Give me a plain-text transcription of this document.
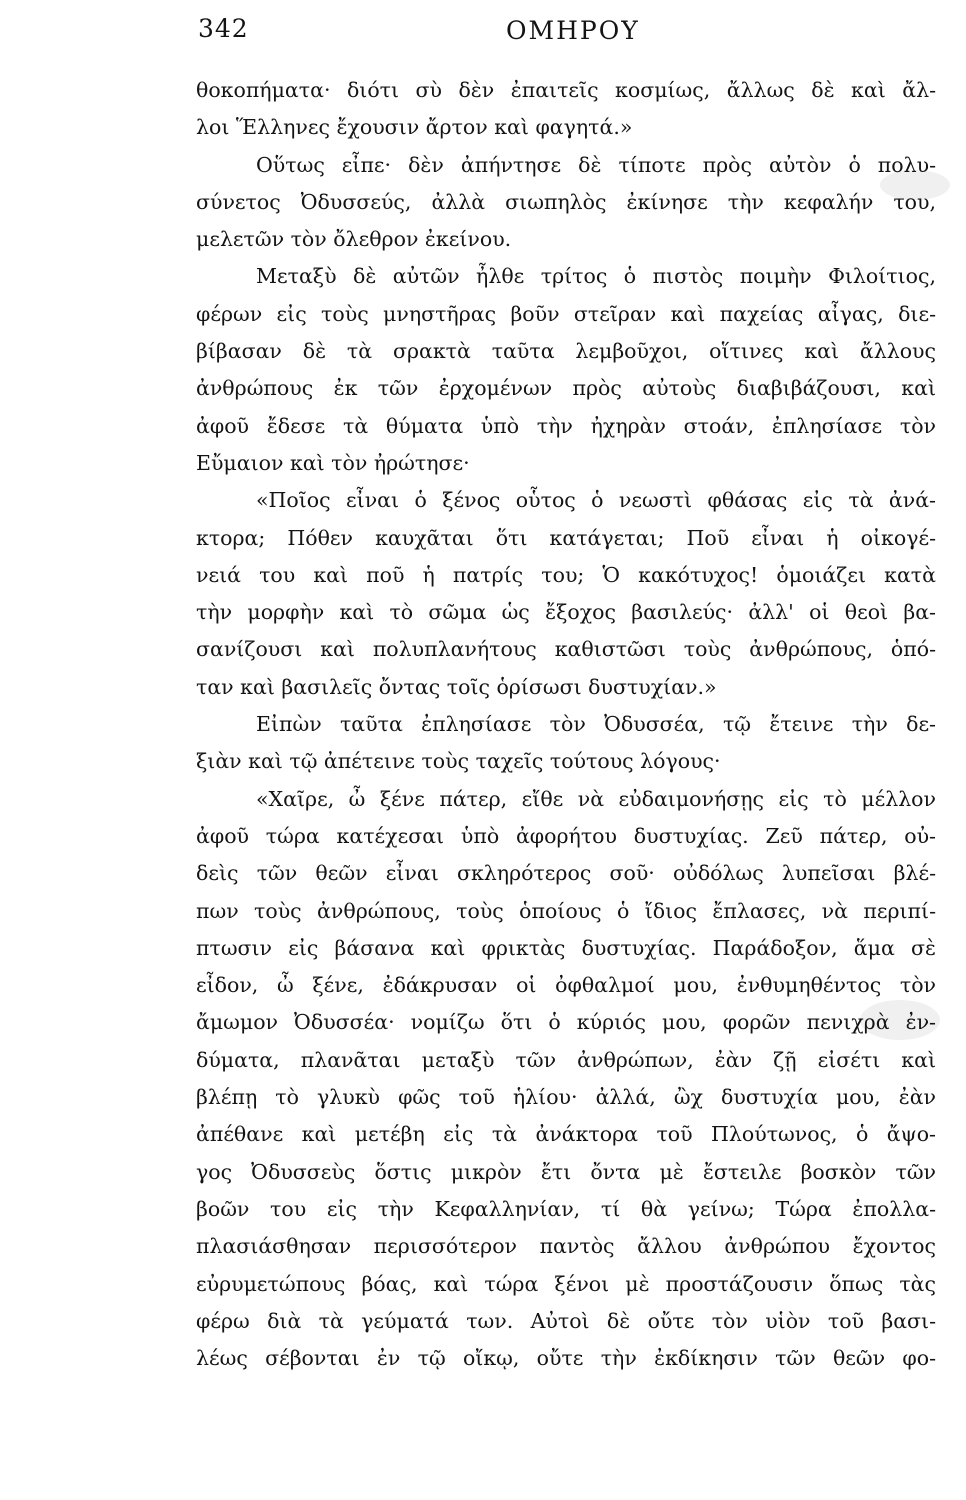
342	ΟΜΗΡΟΥ
θοκοπήματα· διότι σὺ δὲν ἐπαιτεῖς κοσμίως, ἄλλως δὲ καὶ ἄλ-
λοι Ἕλληνες ἔχουσιν ἄρτον καὶ φαγητά.»
Οὕτως εἶπε· δὲν ἀπήντησε δὲ τίποτε πρὸς αὐτὸν ὁ πολυ-
σύνετος Ὀδυσσεύς, ἀλλὰ σιωπηλὸς ἐκίνησε τὴν κεφαλήν του,
μελετῶν τὸν ὄλεθρον ἐκείνου.
Μεταξὺ δὲ αὐτῶν ἦλθε τρίτος ὁ πιστὸς ποιμὴν Φιλοίτιος,
φέρων εἰς τοὺς μνηστῆρας βοῦν στεῖραν καὶ παχείας αἶγας, διε-
βίβασαν δὲ τὰ σρακτὰ ταῦτα λεμβοῦχοι, οἵτινες καὶ ἄλλους
ἀνθρώπους ἐκ τῶν ἐρχομένων πρὸς αὐτοὺς διαβιβάζουσι, καὶ
ἀφοῦ ἔδεσε τὰ θύματα ὑπὸ τὴν ἠχηρὰν στοάν, ἐπλησίασε τὸν
Εὔμαιον καὶ τὸν ἠρώτησε·
«Ποῖος εἶναι ὁ ξένος οὗτος ὁ νεωστὶ φθάσας εἰς τὰ ἀνά-
κτορα; Πόθεν καυχᾶται ὅτι κατάγεται; Ποῦ εἶναι ἡ οἰκογέ-
νειά του καὶ ποῦ ἡ πατρίς του; Ὁ κακότυχος! ὁμοιάζει κατὰ
τὴν μορφὴν καὶ τὸ σῶμα ὡς ἔξοχος βασιλεύς· ἀλλ' οἱ θεοὶ βα-
σανίζουσι καὶ πολυπλανήτους καθιστῶσι τοὺς ἀνθρώπους, ὁπό-
ταν καὶ βασιλεῖς ὄντας τοῖς ὁρίσωσι δυστυχίαν.»
Εἰπὼν ταῦτα ἐπλησίασε τὸν Ὀδυσσέα, τῷ ἔτεινε τὴν δε-
ξιὰν καὶ τῷ ἀπέτεινε τοὺς ταχεῖς τούτους λόγους·
«Χαῖρε, ὦ ξένε πάτερ, εἴθε νὰ εὐδαιμονήσῃς εἰς τὸ μέλλον
ἀφοῦ τώρα κατέχεσαι ὑπὸ ἀφορήτου δυστυχίας. Ζεῦ πάτερ, οὐ-
δεὶς τῶν θεῶν εἶναι σκληρότερος σοῦ· οὐδόλως λυπεῖσαι βλέ-
πων τοὺς ἀνθρώπους, τοὺς ὁποίους ὁ ἴδιος ἔπλασες, νὰ περιπί-
πτωσιν εἰς βάσανα καὶ φρικτὰς δυστυχίας. Παράδοξον, ἅμα σὲ
εἶδον, ὦ ξένε, ἐδάκρυσαν οἱ ὀφθαλμοί μου, ἐνθυμηθέντος τὸν
ἄμωμον Ὀδυσσέα· νομίζω ὅτι ὁ κύριός μου, φορῶν πενιχρὰ ἐν-
δύματα, πλανᾶται μεταξὺ τῶν ἀνθρώπων, ἐὰν ζῇ εἰσέτι καὶ
βλέπῃ τὸ γλυκὺ φῶς τοῦ ἡλίου· ἀλλά, ὢχ δυστυχία μου, ἐὰν
ἀπέθανε καὶ μετέβη εἰς τὰ ἀνάκτορα τοῦ Πλούτωνος, ὁ ἄψο-
γος Ὀδυσσεὺς ὅστις μικρὸν ἔτι ὄντα μὲ ἔστειλε βοσκὸν τῶν
βοῶν του εἰς τὴν Κεφαλληνίαν, τί θὰ γείνω; Τώρα ἐπολλα-
πλασιάσθησαν περισσότερον παντὸς ἄλλου ἀνθρώπου ἔχοντος
εὐρυμετώπους βόας, καὶ τώρα ξένοι μὲ προστάζουσιν ὅπως τὰς
φέρω διὰ τὰ γεύματά των. Αὐτοὶ δὲ οὔτε τὸν υἱὸν τοῦ βασι-
λέως σέβονται ἐν τῷ οἴκῳ, οὔτε τὴν ἐκδίκησιν τῶν θεῶν φο-
